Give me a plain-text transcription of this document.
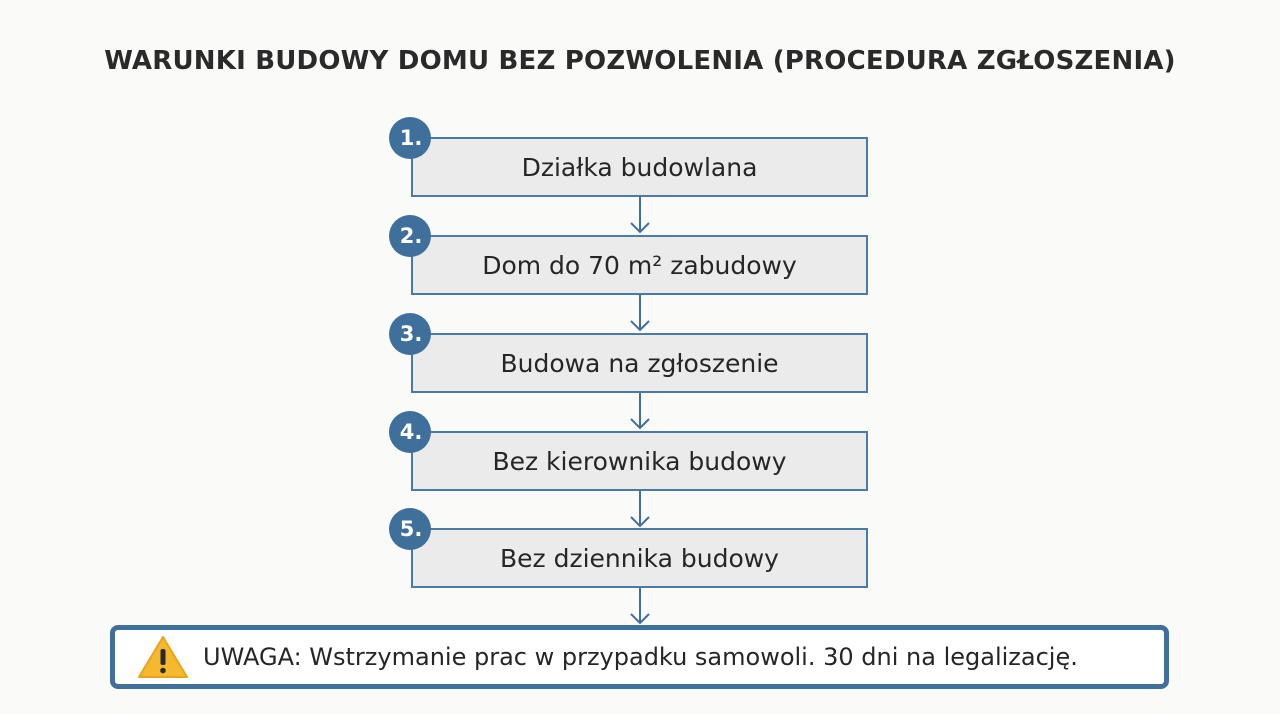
WARUNKI BUDOWY DOMU BEZ POZWOLENIA (PROCEDURA ZGŁOSZENIA)
Działka budowlana
1.
Dom do 70 m² zabudowy
2.
Budowa na zgłoszenie
3.
Bez kierownika budowy
4.
Bez dziennika budowy
5.
UWAGA: Wstrzymanie prac w przypadku samowoli. 30 dni na legalizację.
